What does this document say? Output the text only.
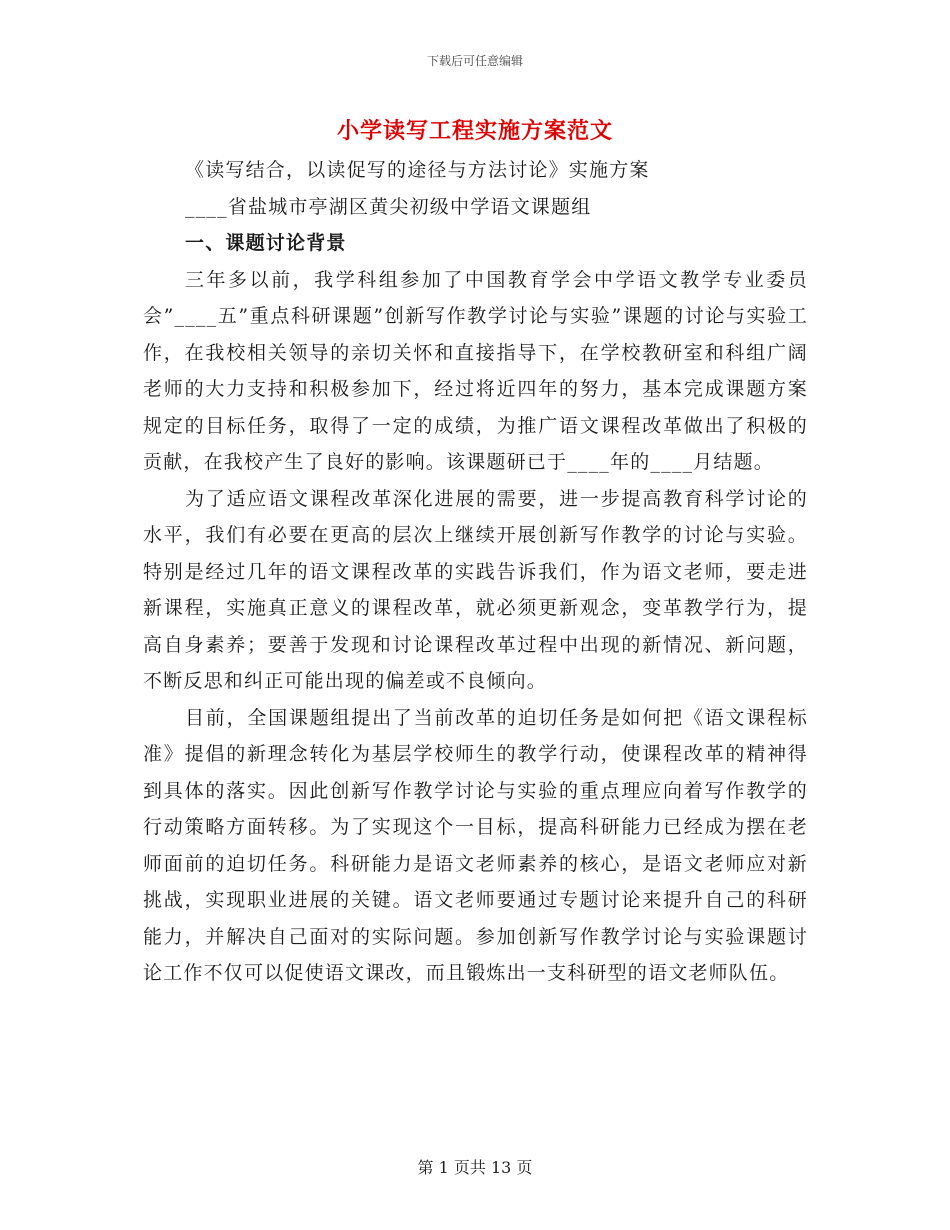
下载后可任意编辑
小学读写工程实施方案范文

《读写结合，以读促写的途径与方法讨论》实施方案

____省盐城市亭湖区黄尖初级中学语文课题组

一、课题讨论背景

三年多以前，我学科组参加了中国教育学会中学语文教学专业委员会”____五”重点科研课题”创新写作教学讨论与实验”课题的讨论与实验工作，在我校相关领导的亲切关怀和直接指导下，在学校教研室和科组广阔老师的大力支持和积极参加下，经过将近四年的努力，基本完成课题方案规定的目标任务，取得了一定的成绩，为推广语文课程改革做出了积极的贡献，在我校产生了良好的影响。该课题研已于____年的____月结题。

为了适应语文课程改革深化进展的需要，进一步提高教育科学讨论的水平，我们有必要在更高的层次上继续开展创新写作教学的讨论与实验。特别是经过几年的语文课程改革的实践告诉我们，作为语文老师，要走进新课程，实施真正意义的课程改革，就必须更新观念，变革教学行为，提高自身素养；要善于发现和讨论课程改革过程中出现的新情况、新问题，不断反思和纠正可能出现的偏差或不良倾向。

目前，全国课题组提出了当前改革的迫切任务是如何把《语文课程标准》提倡的新理念转化为基层学校师生的教学行动，使课程改革的精神得到具体的落实。因此创新写作教学讨论与实验的重点理应向着写作教学的行动策略方面转移。为了实现这个一目标，提高科研能力已经成为摆在老师面前的迫切任务。科研能力是语文老师素养的核心，是语文老师应对新挑战，实现职业进展的关键。语文老师要通过专题讨论来提升自己的科研能力，并解决自己面对的实际问题。参加创新写作教学讨论与实验课题讨论工作不仅可以促使语文课改，而且锻炼出一支科研型的语文老师队伍。

第 1 页共 13 页
